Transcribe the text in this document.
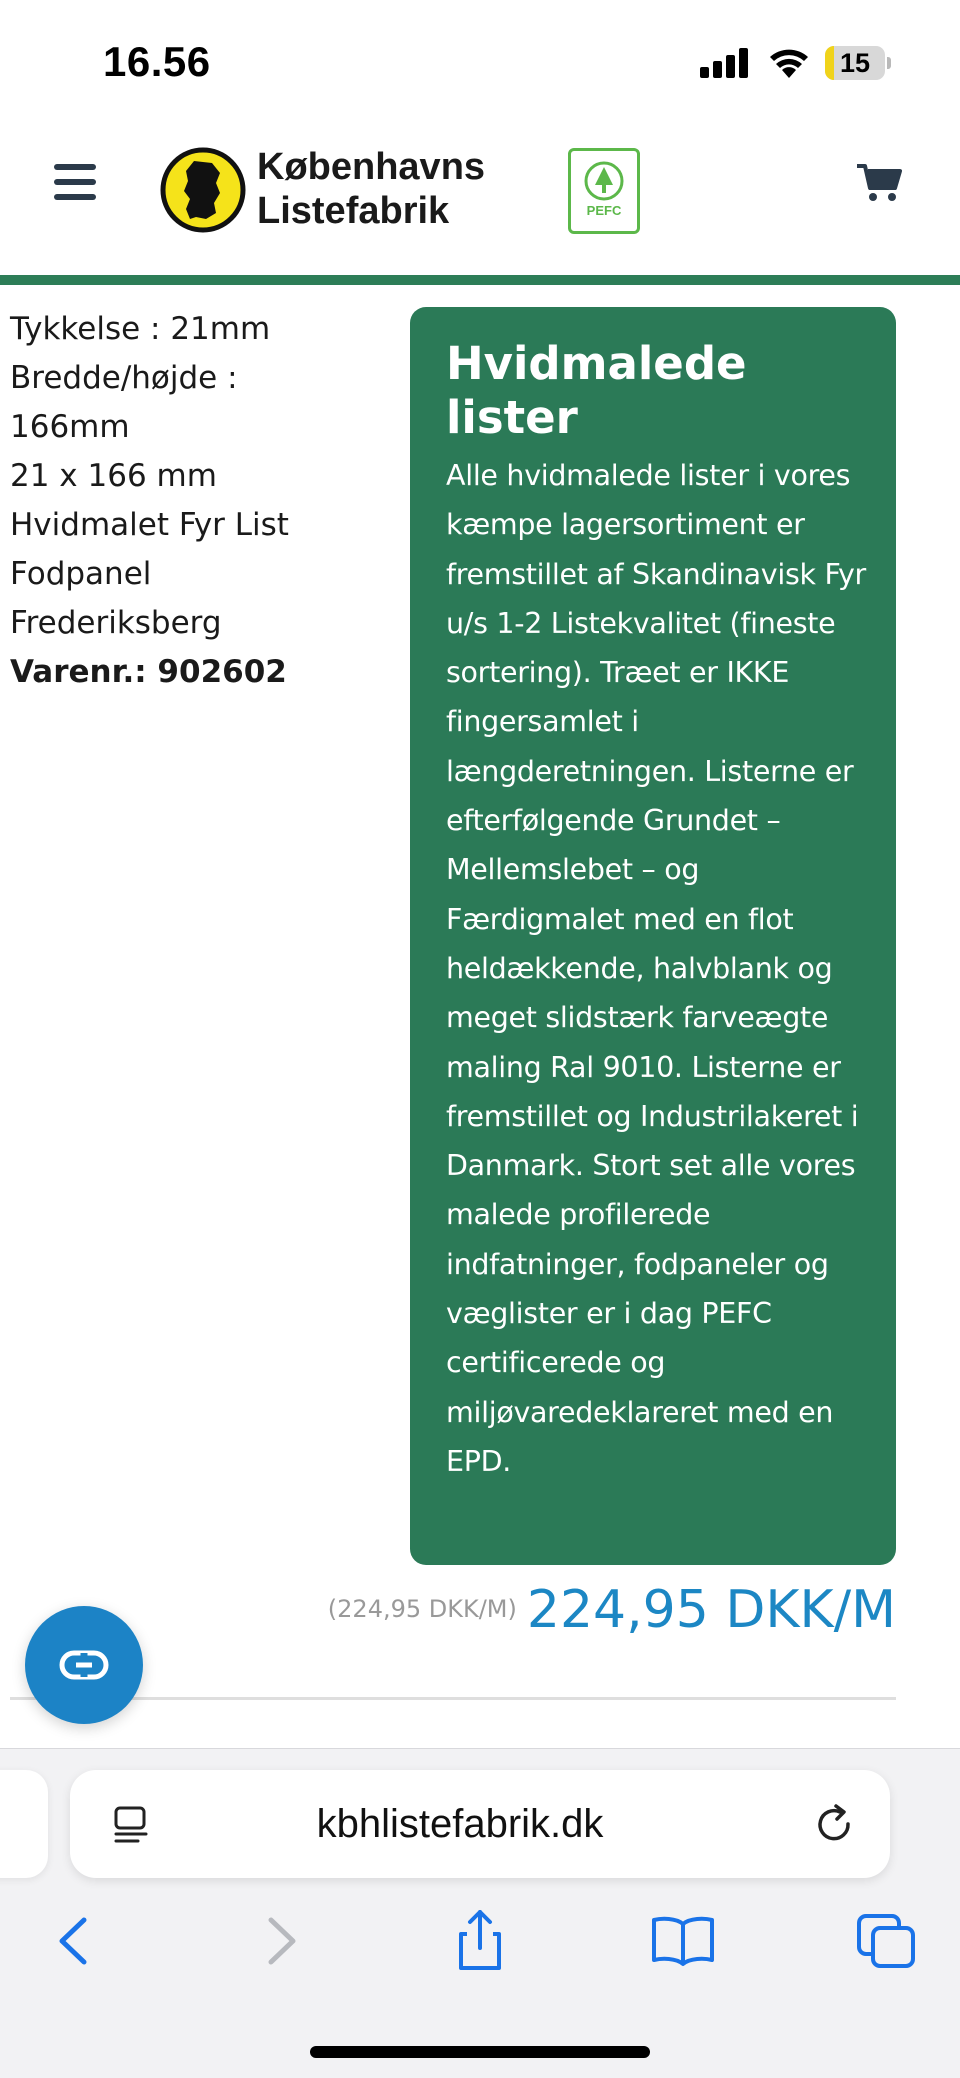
16.56	15
Københavns
Listefabrik	PEFC
Tykkelse : 21mm
Bredde/højde :
166mm
21 x 166 mm
Hvidmalet Fyr List
Fodpanel
Frederiksberg
Varenr.: 902602
Hvidmalede lister
Alle hvidmalede lister i vores kæmpe lagersortiment er fremstillet af Skandinavisk Fyr u/s 1-2 Listekvalitet (fineste sortering). Træet er IKKE fingersamlet i længderetningen. Listerne er efterfølgende Grundet – Mellemslebet – og Færdigmalet med en flot heldækkende, halvblank og meget slidstærk farveægte maling Ral 9010. Listerne er fremstillet og Industrilakeret i Danmark. Stort set alle vores malede profilerede indfatninger, fodpaneler og væglister er i dag PEFC certificerede og miljøvaredeklareret med en EPD.
(224,95 DKK/M) 224,95 DKK/M
kbhlistefabrik.dk
